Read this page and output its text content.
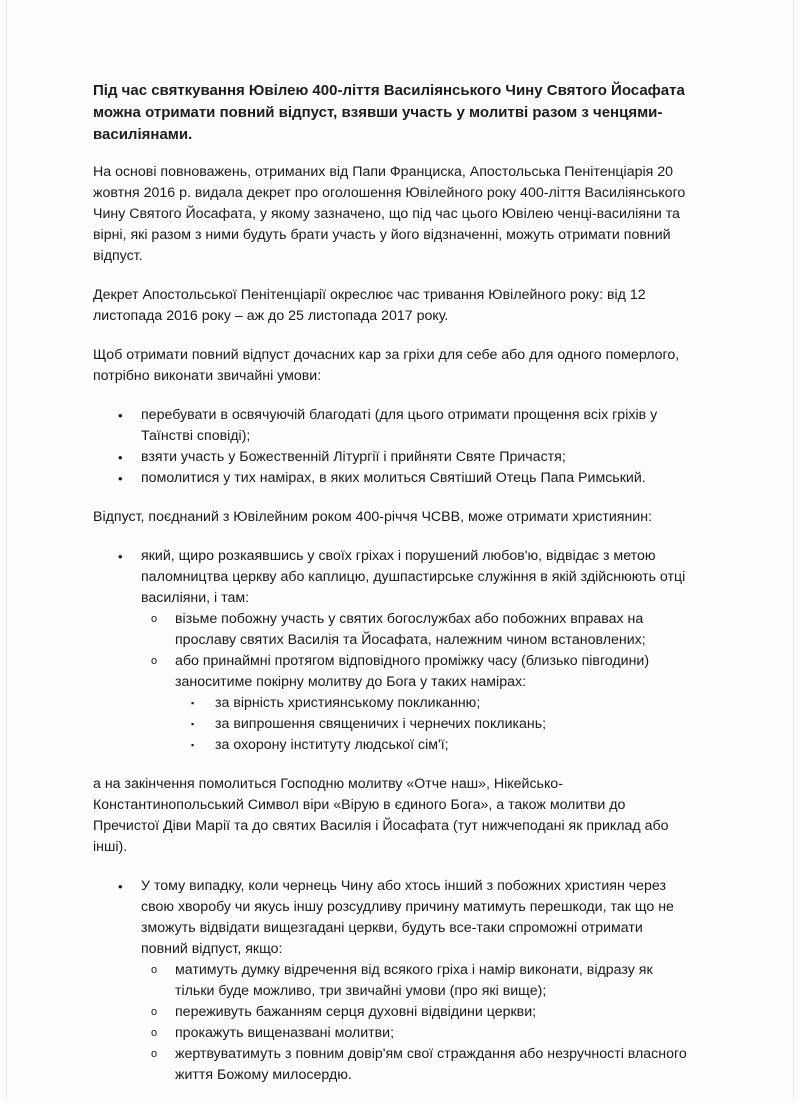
Під час святкування Ювілею 400-ліття Василіянського Чину Святого Йосафата можна отримати повний відпуст, взявши участь у молитві разом з ченцями-василіянами.

На основі повноважень, отриманих від Папи Франциска, Апостольська Пенітенціарія 20 жовтня 2016 р. видала декрет про оголошення Ювілейного року 400-ліття Василіянського Чину Святого Йосафата, у якому зазначено, що під час цього Ювілею ченці-василіяни та вірні, які разом з ними будуть брати участь у його відзначенні, можуть отримати повний відпуст.

Декрет Апостольської Пенітенціарії окреслює час тривання Ювілейного року: від 12 листопада 2016 року – аж до 25 листопада 2017 року.

Щоб отримати повний відпуст дочасних кар за гріхи для себе або для одного померлого, потрібно виконати звичайні умови:

• перебувати в освячуючій благодаті (для цього отримати прощення всіх гріхів у Таїнстві сповіді);
• взяти участь у Божественній Літургії і прийняти Святе Причастя;
• помолитися у тих намірах, в яких молиться Святіший Отець Папа Римський.

Відпуст, поєднаний з Ювілейним роком 400-річчя ЧСВВ, може отримати християнин:

• який, щиро розкаявшись у своїх гріхах і порушений любов'ю, відвідає з метою паломництва церкву або каплицю, душпастирське служіння в якій здійснюють отці василіяни, і там:
o візьме побожну участь у святих богослужбах або побожних вправах на прославу святих Василія та Йосафата, належним чином встановлених;
o або принаймні протягом відповідного проміжку часу (близько півгодини) заноситиме покірну молитву до Бога у таких намірах:
▪ за вірність християнському покликанню;
▪ за випрошення священичих і чернечих покликань;
▪ за охорону інституту людської сім'ї;

а на закінчення помолиться Господню молитву «Отче наш», Нікейсько-Константинопольський Символ віри «Вірую в єдиного Бога», а також молитви до Пречистої Діви Марії та до святих Василія і Йосафата (тут нижчеподані як приклад або інші).

• У тому випадку, коли чернець Чину або хтось інший з побожних християн через свою хворобу чи якусь іншу розсудливу причину матимуть перешкоди, так що не зможуть відвідати вищезгадані церкви, будуть все-таки спроможні отримати повний відпуст, якщо:
o матимуть думку відречення від всякого гріха і намір виконати, відразу як тільки буде можливо, три звичайні умови (про які вище);
o переживуть бажанням серця духовні відвідини церкви;
o прокажуть вищеназвані молитви;
o жертвуватимуть з повним довір'ям свої страждання або незручності власного життя Божому милосердю.
